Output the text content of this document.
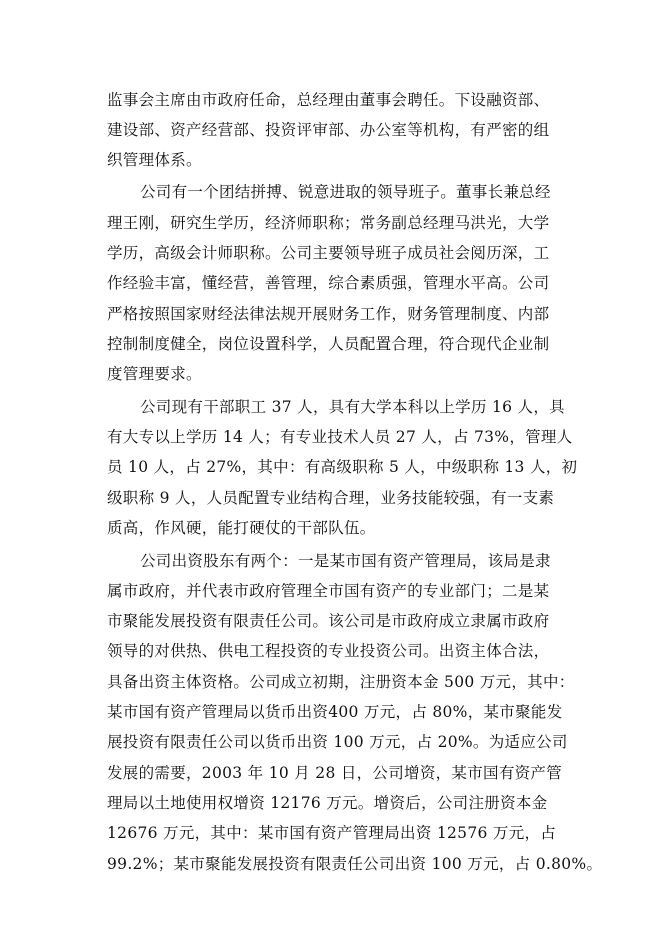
监事会主席由市政府任命，总经理由董事会聘任。下设融资部、
建设部、资产经营部、投资评审部、办公室等机构，有严密的组
织管理体系。
公司有一个团结拼搏、锐意进取的领导班子。董事长兼总经
理王刚，研究生学历，经济师职称；常务副总经理马洪光，大学
学历，高级会计师职称。公司主要领导班子成员社会阅历深，工
作经验丰富，懂经营，善管理，综合素质强，管理水平高。公司
严格按照国家财经法律法规开展财务工作，财务管理制度、内部
控制制度健全，岗位设置科学，人员配置合理，符合现代企业制
度管理要求。
公司现有干部职工 37 人，具有大学本科以上学历 16 人，具
有大专以上学历 14 人；有专业技术人员 27 人，占 73%，管理人
员 10 人，占 27%，其中：有高级职称 5 人，中级职称 13 人，初
级职称 9 人，人员配置专业结构合理，业务技能较强，有一支素
质高，作风硬，能打硬仗的干部队伍。
公司出资股东有两个：一是某市国有资产管理局，该局是隶
属市政府，并代表市政府管理全市国有资产的专业部门；二是某
市聚能发展投资有限责任公司。该公司是市政府成立隶属市政府
领导的对供热、供电工程投资的专业投资公司。出资主体合法，
具备出资主体资格。公司成立初期，注册资本金 500 万元，其中：
某市国有资产管理局以货币出资400 万元，占 80%，某市聚能发
展投资有限责任公司以货币出资 100 万元，占 20%。为适应公司
发展的需要，2003 年 10 月 28 日，公司增资，某市国有资产管
理局以土地使用权增资 12176 万元。增资后，公司注册资本金
12676 万元，其中：某市国有资产管理局出资 12576 万元，占
99.2%；某市聚能发展投资有限责任公司出资 100 万元，占 0.80%。
